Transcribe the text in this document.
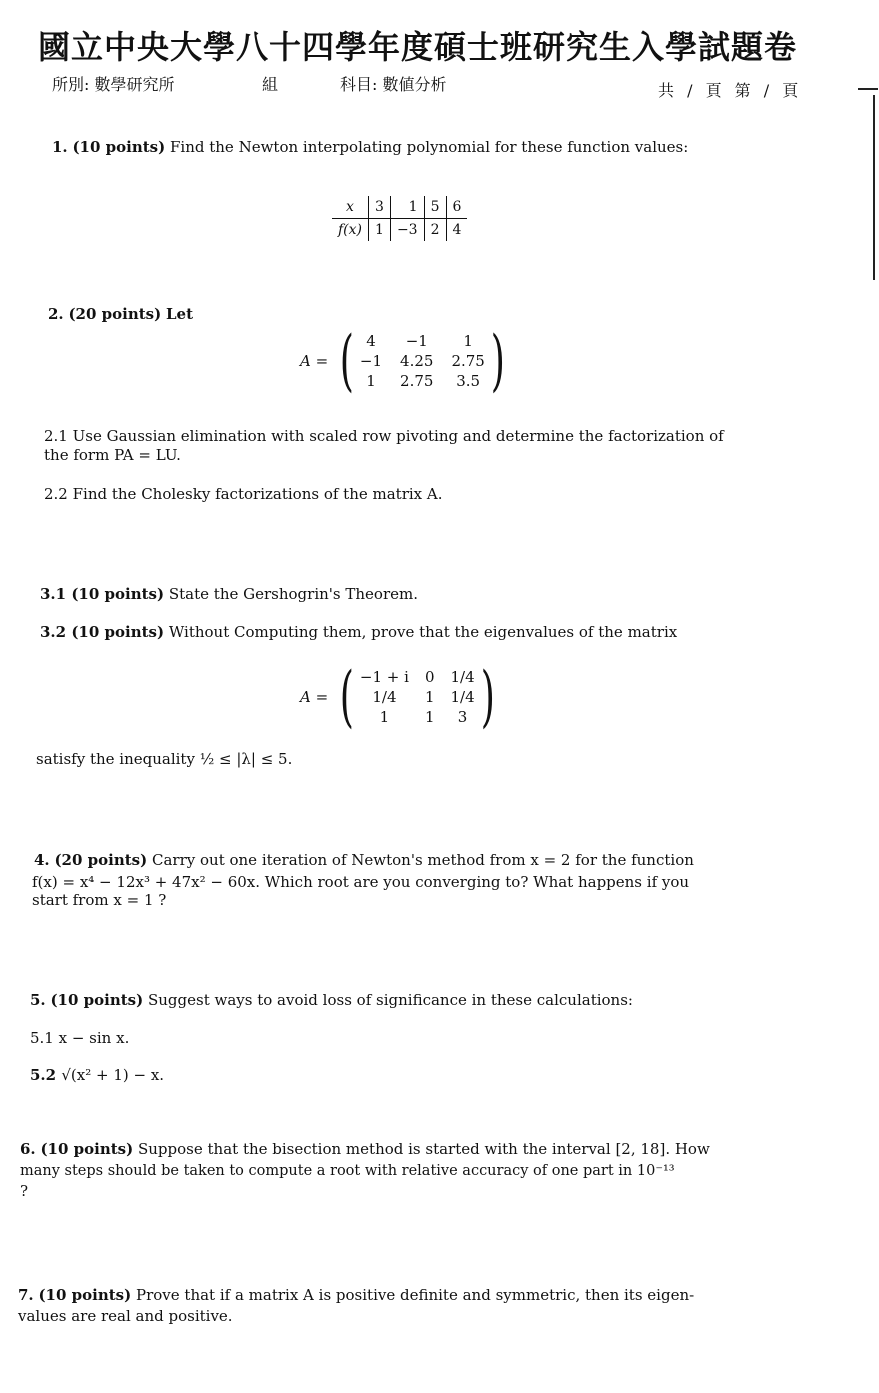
國立中央大學八十四學年度碩士班研究生入學試題卷
所別: 數學研究所	組	科目: 數値分析	共 / 頁 第 / 頁
1. (10 points) Find the Newton interpolating polynomial for these function values:
x	3	1	5	6
f(x)	1	−3	2	4
2. (20 points) Let
A = ( 4	−1	1
−1 4.25 2.75
1	2.75	3.5 )
2.1 Use Gaussian elimination with scaled row pivoting and determine the factorization of
the form PA = LU.
2.2 Find the Cholesky factorizations of the matrix A.
3.1 (10 points) State the Gershogrin's Theorem.
3.2 (10 points) Without Computing them, prove that the eigenvalues of the matrix
A = ( −1 + i 0 1/4
1/4	1 1/4
1	1	3 )
satisfy the inequality ½ ≤ |λ| ≤ 5.
4. (20 points) Carry out one iteration of Newton's method from x = 2 for the function
f(x) = x⁴ − 12x³ + 47x² − 60x. Which root are you converging to? What happens if you
start from x = 1 ?
5. (10 points) Suggest ways to avoid loss of significance in these calculations:
5.1 x − sin x.
5.2 √(x² + 1) − x.
6. (10 points) Suppose that the bisection method is started with the interval [2, 18]. How
many steps should be taken to compute a root with relative accuracy of one part in 10⁻¹³
?
7. (10 points) Prove that if a matrix A is positive definite and symmetric, then its eigen-
values are real and positive.
